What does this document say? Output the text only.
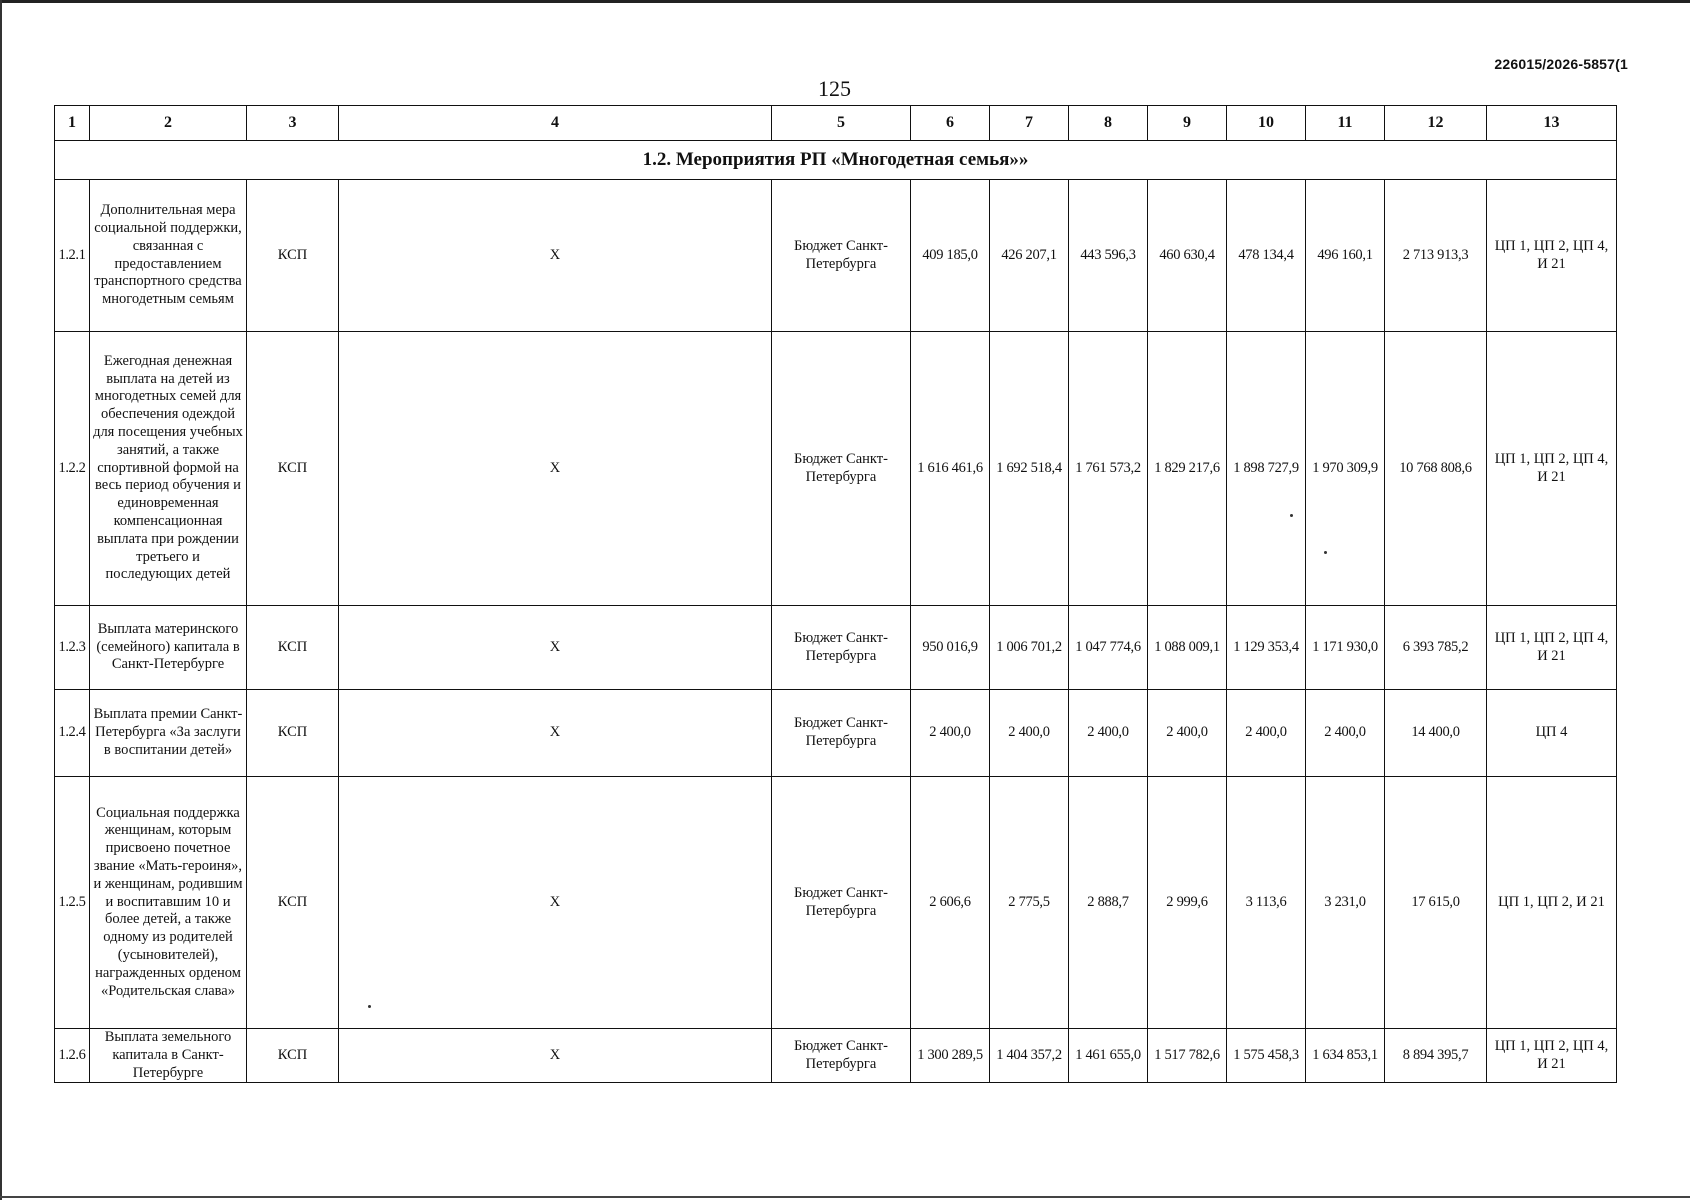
226015/2026-5857(1
125
1	2	3	4	5	6	7	8	9	10	11	12	13
1.2. Мероприятия РП «Многодетная семья»»												
1.2.1	Дополнительная мера социальной поддержки, связанная с предоставлением транспортного средства многодетным семьям	КСП	X	Бюджет Санкт-Петербурга	409 185,0	426 207,1	443 596,3	460 630,4	478 134,4	496 160,1	2 713 913,3	ЦП 1, ЦП 2, ЦП 4, И 21
1.2.2	Ежегодная денежная выплата на детей из многодетных семей для обеспечения одеждой для посещения учебных занятий, а также спортивной формой на весь период обучения и единовременная компенсационная выплата при рождении третьего и последующих детей	КСП	X	Бюджет Санкт-Петербурга	1 616 461,6	1 692 518,4	1 761 573,2	1 829 217,6	1 898 727,9	1 970 309,9	10 768 808,6	ЦП 1, ЦП 2, ЦП 4, И 21
1.2.3	Выплата материнского (семейного) капитала в Санкт-Петербурге	КСП	X	Бюджет Санкт-Петербурга	950 016,9	1 006 701,2	1 047 774,6	1 088 009,1	1 129 353,4	1 171 930,0	6 393 785,2	ЦП 1, ЦП 2, ЦП 4, И 21
1.2.4	Выплата премии Санкт-Петербурга «За заслуги в воспитании детей»	КСП	X	Бюджет Санкт-Петербурга	2 400,0	2 400,0	2 400,0	2 400,0	2 400,0	2 400,0	14 400,0	ЦП 4
1.2.5	Социальная поддержка женщинам, которым присвоено почетное звание «Мать-героиня», и женщинам, родившим и воспитавшим 10 и более детей, а также одному из родителей (усыновителей), награжденных орденом «Родительская слава»	КСП	X	Бюджет Санкт-Петербурга	2 606,6	2 775,5	2 888,7	2 999,6	3 113,6	3 231,0	17 615,0	ЦП 1, ЦП 2, И 21
1.2.6	Выплата земельного капитала в Санкт-Петербурге	КСП	X	Бюджет Санкт-Петербурга	1 300 289,5	1 404 357,2	1 461 655,0	1 517 782,6	1 575 458,3	1 634 853,1	8 894 395,7	ЦП 1, ЦП 2, ЦП 4, И 21
